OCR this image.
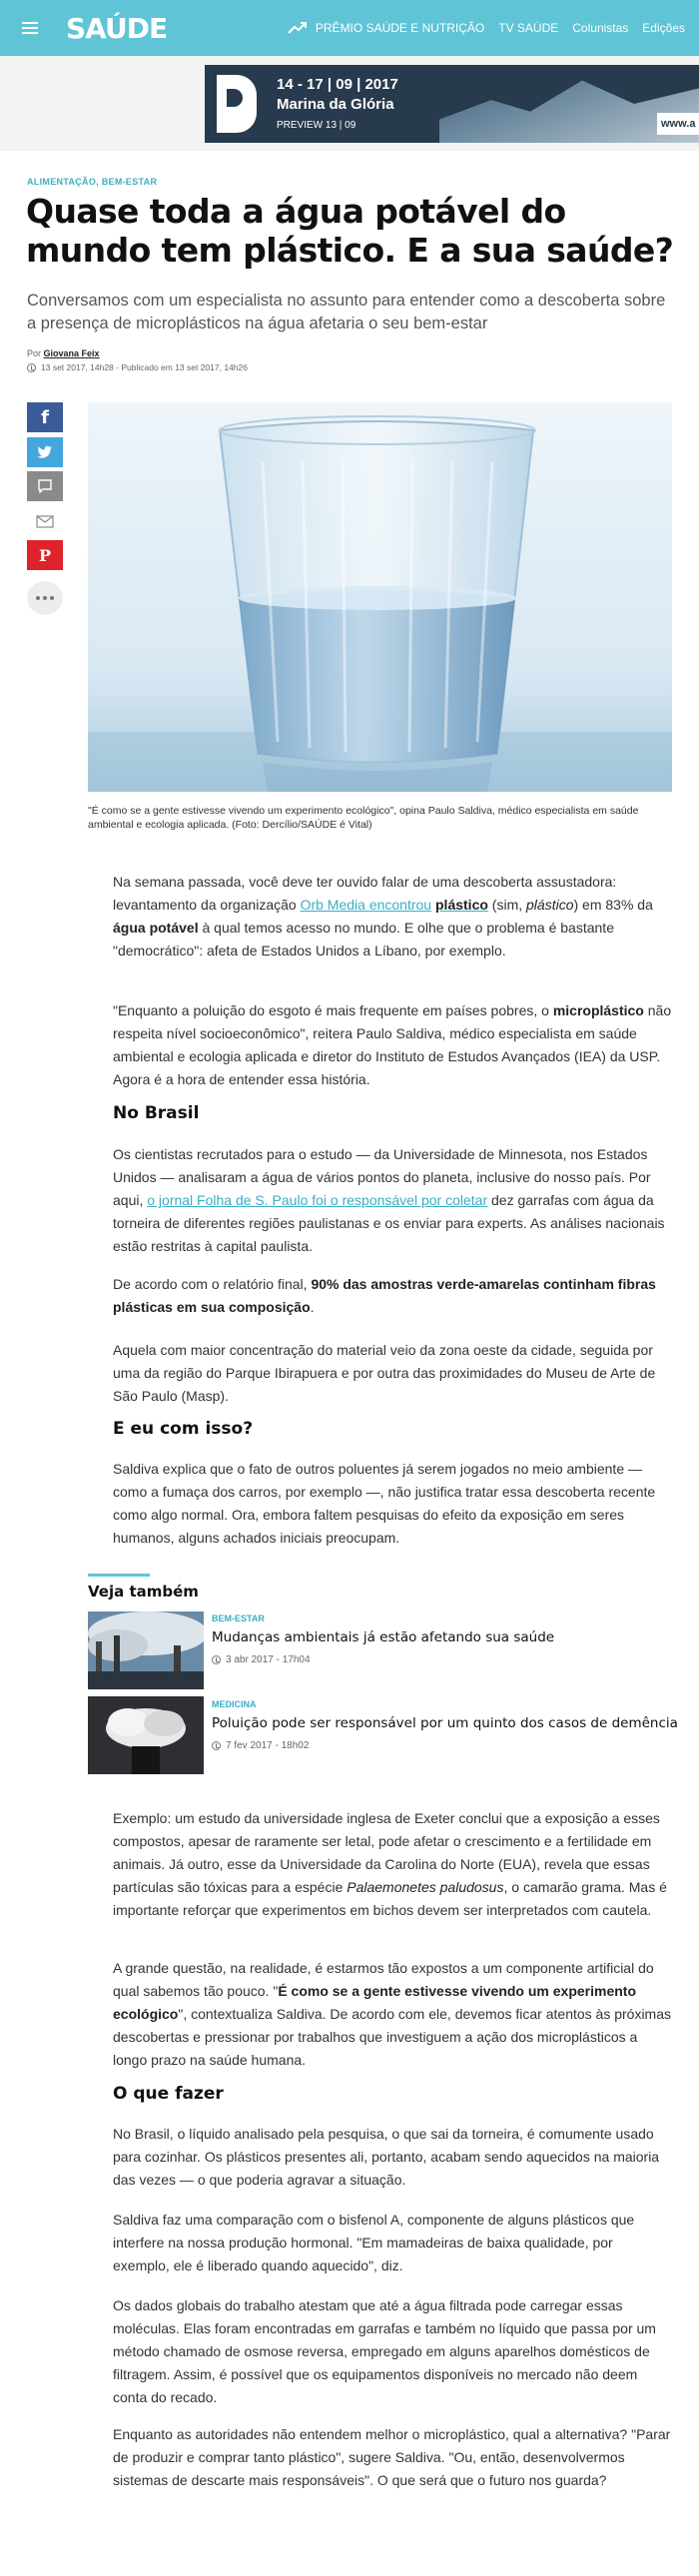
SAÚDE	PRÊMIO SAÚDE E NUTRIÇÃO TV SAÚDE Colunistas Edições
14 - 17 | 09 | 2017
Marina da Glória
PREVIEW 13 | 09	www.a
ALIMENTAÇÃO, BEM-ESTAR
Quase toda a água potável do mundo tem plástico. E a sua saúde?

Conversamos com um especialista no assunto para entender como a descoberta sobre a presença de microplásticos na água afetaria o seu bem-estar

Por Giovana Feix
13 set 2017, 14h28 - Publicado em 13 set 2017, 14h26
f
P
"É como se a gente estivesse vivendo um experimento ecológico", opina Paulo Saldiva, médico especialista em saúde ambiental e ecologia aplicada. (Foto: Dercílio/SAÚDE é Vital)

Na semana passada, você deve ter ouvido falar de uma descoberta assustadora: levantamento da organização Orb Media encontrou plástico (sim, plástico) em 83% da água potável à qual temos acesso no mundo. E olhe que o problema é bastante "democrático": afeta de Estados Unidos a Líbano, por exemplo.

"Enquanto a poluição do esgoto é mais frequente em países pobres, o microplástico não respeita nível socioeconômico", reitera Paulo Saldiva, médico especialista em saúde ambiental e ecologia aplicada e diretor do Instituto de Estudos Avançados (IEA) da USP. Agora é a hora de entender essa história.

No Brasil

Os cientistas recrutados para o estudo — da Universidade de Minnesota, nos Estados Unidos — analisaram a água de vários pontos do planeta, inclusive do nosso país. Por aqui, o jornal Folha de S. Paulo foi o responsável por coletar dez garrafas com água da torneira de diferentes regiões paulistanas e os enviar para experts. As análises nacionais estão restritas à capital paulista.

De acordo com o relatório final, 90% das amostras verde-amarelas continham fibras plásticas em sua composição.

Aquela com maior concentração do material veio da zona oeste da cidade, seguida por uma da região do Parque Ibirapuera e por outra das proximidades do Museu de Arte de São Paulo (Masp).

E eu com isso?

Saldiva explica que o fato de outros poluentes já serem jogados no meio ambiente — como a fumaça dos carros, por exemplo —, não justifica tratar essa descoberta recente como algo normal. Ora, embora faltem pesquisas do efeito da exposição em seres humanos, alguns achados iniciais preocupam.

Veja também
BEM-ESTAR
Mudanças ambientais já estão afetando sua saúde
3 abr 2017 - 17h04
MEDICINA
Poluição pode ser responsável por um quinto dos casos de demência
7 fev 2017 - 18h02

Exemplo: um estudo da universidade inglesa de Exeter conclui que a exposição a esses compostos, apesar de raramente ser letal, pode afetar o crescimento e a fertilidade em animais. Já outro, esse da Universidade da Carolina do Norte (EUA), revela que essas partículas são tóxicas para a espécie Palaemonetes paludosus, o camarão grama. Mas é importante reforçar que experimentos em bichos devem ser interpretados com cautela.

A grande questão, na realidade, é estarmos tão expostos a um componente artificial do qual sabemos tão pouco. "É como se a gente estivesse vivendo um experimento ecológico", contextualiza Saldiva. De acordo com ele, devemos ficar atentos às próximas descobertas e pressionar por trabalhos que investiguem a ação dos microplásticos a longo prazo na saúde humana.

O que fazer

No Brasil, o líquido analisado pela pesquisa, o que sai da torneira, é comumente usado para cozinhar. Os plásticos presentes ali, portanto, acabam sendo aquecidos na maioria das vezes — o que poderia agravar a situação.

Saldiva faz uma comparação com o bisfenol A, componente de alguns plásticos que interfere na nossa produção hormonal. "Em mamadeiras de baixa qualidade, por exemplo, ele é liberado quando aquecido", diz.

Os dados globais do trabalho atestam que até a água filtrada pode carregar essas moléculas. Elas foram encontradas em garrafas e também no líquido que passa por um método chamado de osmose reversa, empregado em alguns aparelhos domésticos de filtragem. Assim, é possível que os equipamentos disponíveis no mercado não deem conta do recado.

Enquanto as autoridades não entendem melhor o microplástico, qual a alternativa? "Parar de produzir e comprar tanto plástico", sugere Saldiva. "Ou, então, desenvolvermos sistemas de descarte mais responsáveis". O que será que o futuro nos guarda?
